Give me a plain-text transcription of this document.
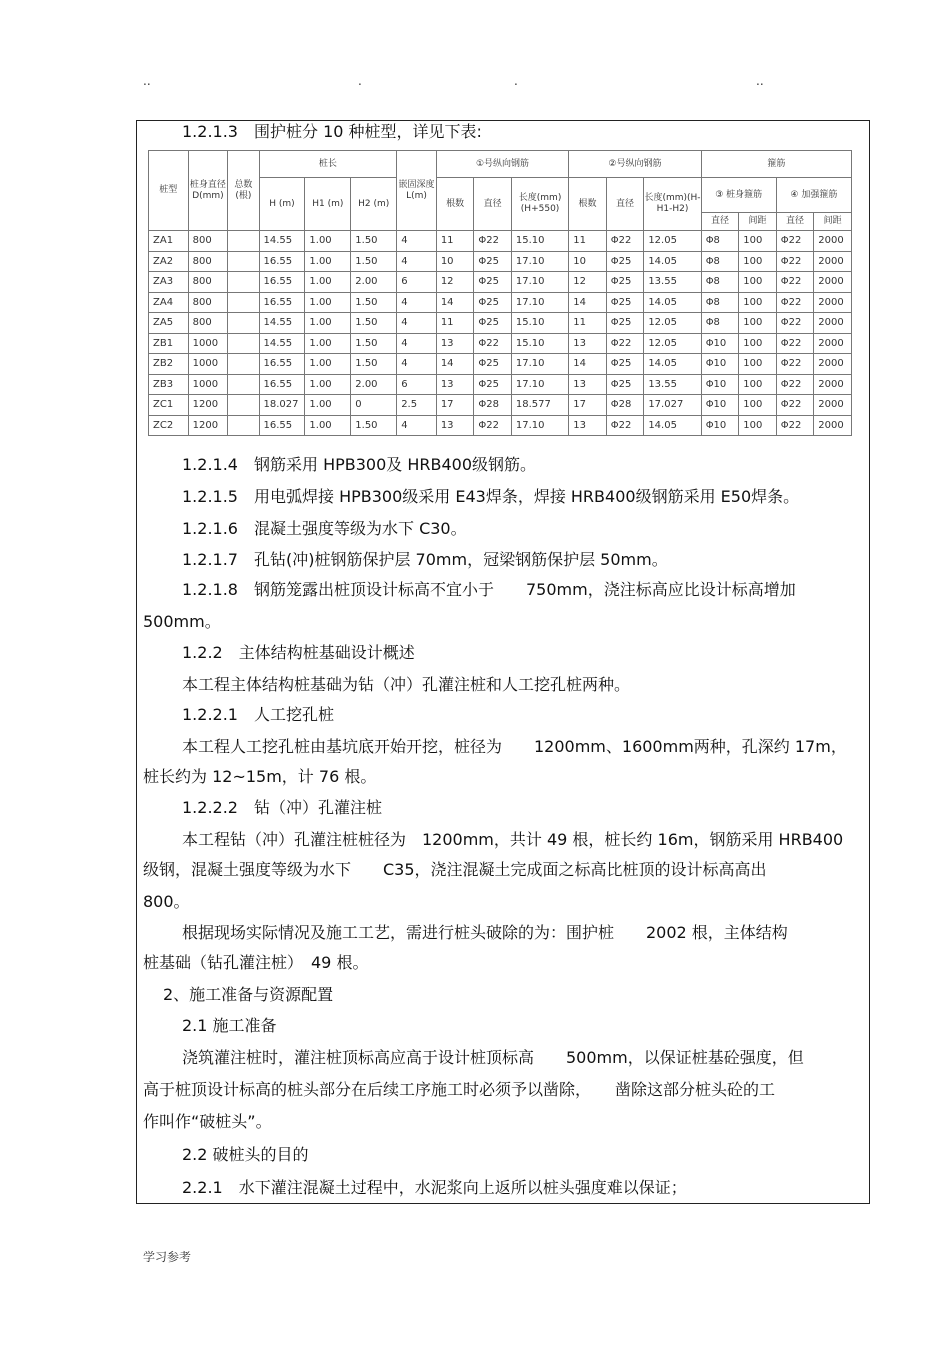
..	.	.	..
1.2.1.3　围护桩分 10 种桩型，详见下表:
桩型	桩身直径D(mm)	总数(根)	桩长			嵌固深度L(m)	①号纵向钢筋			②号纵向钢筋			箍筋			
			H (m)	H1 (m)	H2 (m)		根数	直径	长度(mm)(H+550)	根数	直径	长度(mm)(H-H1-H2)	③ 桩身箍筋		④ 加强箍筋	
													直径	间距	直径	间距
ZA1	800		14.55	1.00	1.50	4	11	Φ22	15.10	11	Φ22	12.05	Φ8	100	Φ22	2000
ZA2	800		16.55	1.00	1.50	4	10	Φ25	17.10	10	Φ25	14.05	Φ8	100	Φ22	2000
ZA3	800		16.55	1.00	2.00	6	12	Φ25	17.10	12	Φ25	13.55	Φ8	100	Φ22	2000
ZA4	800		16.55	1.00	1.50	4	14	Φ25	17.10	14	Φ25	14.05	Φ8	100	Φ22	2000
ZA5	800		14.55	1.00	1.50	4	11	Φ25	15.10	11	Φ25	12.05	Φ8	100	Φ22	2000
ZB1	1000		14.55	1.00	1.50	4	13	Φ22	15.10	13	Φ22	12.05	Φ10	100	Φ22	2000
ZB2	1000		16.55	1.00	1.50	4	14	Φ25	17.10	14	Φ25	14.05	Φ10	100	Φ22	2000
ZB3	1000		16.55	1.00	2.00	6	13	Φ25	17.10	13	Φ25	13.55	Φ10	100	Φ22	2000
ZC1	1200		18.027	1.00	0	2.5	17	Φ28	18.577	17	Φ28	17.027	Φ10	100	Φ22	2000
ZC2	1200		16.55	1.00	1.50	4	13	Φ22	17.10	13	Φ22	14.05	Φ10	100	Φ22	2000
1.2.1.4　钢筋采用 HPB300及 HRB400级钢筋。
1.2.1.5　用电弧焊接 HPB300级采用 E43焊条，焊接 HRB400级钢筋采用 E50焊条。
1.2.1.6　混凝土强度等级为水下 C30。
1.2.1.7　孔钻(冲)桩钢筋保护层 70mm，冠梁钢筋保护层 50mm。
1.2.1.8　钢筋笼露出桩顶设计标高不宜小于　　750mm，浇注标高应比设计标高增加
500mm。
1.2.2　主体结构桩基础设计概述
本工程主体结构桩基础为钻（冲）孔灌注桩和人工挖孔桩两种。
1.2.2.1　人工挖孔桩
本工程人工挖孔桩由基坑底开始开挖，桩径为　　1200mm、1600mm两种，孔深约 17m，
桩长约为 12~15m，计 76 根。
1.2.2.2　钻（冲）孔灌注桩
本工程钻（冲）孔灌注桩桩径为　1200mm，共计 49 根，桩长约 16m，钢筋采用 HRB400
级钢，混凝土强度等级为水下　　C35，浇注混凝土完成面之标高比桩顶的设计标高高出
800。
根据现场实际情况及施工工艺，需进行桩头破除的为：围护桩　　2002 根，主体结构
桩基础（钻孔灌注桩）　49 根。
2、施工准备与资源配置
2.1 施工准备
浇筑灌注桩时，灌注桩顶标高应高于设计桩顶标高　　500mm，以保证桩基砼强度，但
高于桩顶设计标高的桩头部分在后续工序施工时必须予以凿除，　　凿除这部分桩头砼的工
作叫作“破桩头”。
2.2 破桩头的目的
2.2.1　水下灌注混凝土过程中，水泥浆向上返所以桩头强度难以保证；
学习参考
